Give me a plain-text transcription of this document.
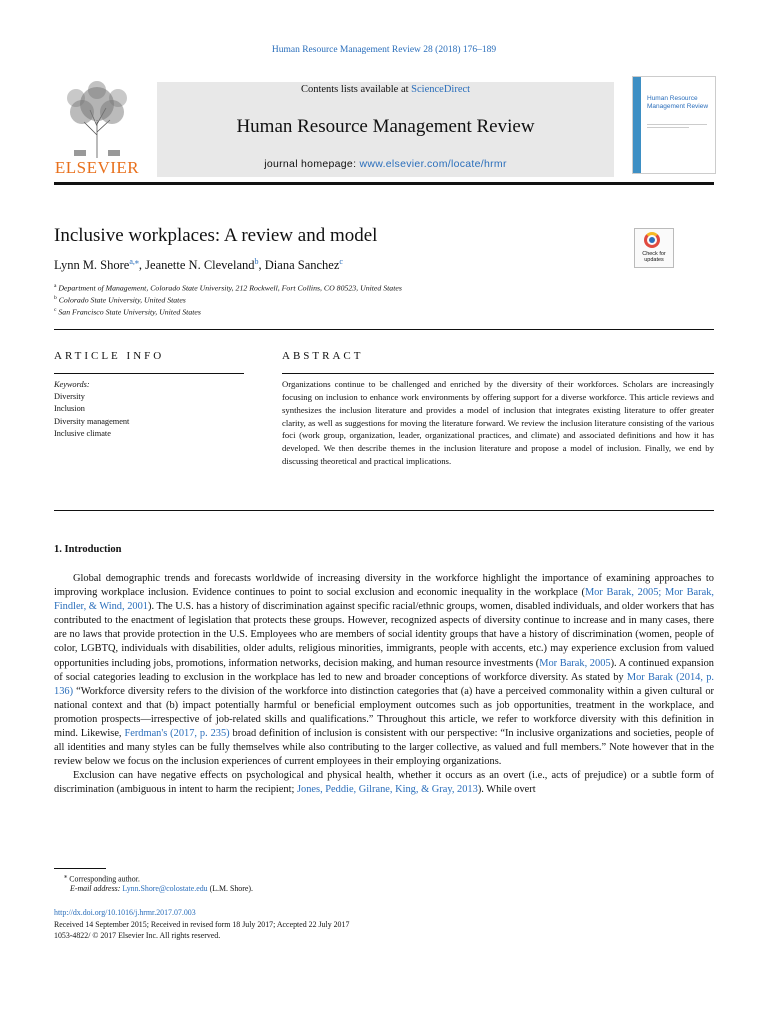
Human Resource Management Review 28 (2018) 176–189
ELSEVIER
Contents lists available at ScienceDirect
Human Resource Management Review
journal homepage: www.elsevier.com/locate/hrmr
Human Resource Management Review
Inclusive workplaces: A review and model
Lynn M. Shore$^{a,⁎}$, Jeanette N. Cleveland$^b$, Diana Sanchez$^c$
Check for updates
$^a$ Department of Management, Colorado State University, 212 Rockwell, Fort Collins, CO 80523, United States
$^b$ Colorado State University, United States
$^c$ San Francisco State University, United States
ARTICLE INFO
Keywords:
Diversity
Inclusion
Diversity management
Inclusive climate
ABSTRACT
Organizations continue to be challenged and enriched by the diversity of their workforces. Scholars are increasingly focusing on inclusion to enhance work environments by offering support for a diverse workforce. This article reviews and synthesizes the inclusion literature and provides a model of inclusion that integrates existing literature to offer greater clarity, as well as suggestions for moving the literature forward. We review the inclusion literature consisting of the various foci (work group, organization, leader, organizational practices, and climate) and associated definitions and how it has developed. We then describe themes in the inclusion literature and propose a model of inclusion. Finally, we end by discussing theoretical and practical implications.
1. Introduction

Global demographic trends and forecasts worldwide of increasing diversity in the workforce highlight the importance of examining approaches to improving workplace inclusion. Evidence continues to point to social exclusion and economic inequality in the workplace (Mor Barak, 2005; Mor Barak, Findler, & Wind, 2001). The U.S. has a history of discrimination against specific racial/ethnic groups, women, disabled individuals, and older workers that has contributed to the enactment of legislation that protects these groups. However, recognized aspects of diversity continue to increase and in many cases, there are no laws that provide protection in the U.S. Employees who are members of social identity groups that have a history of discrimination (women, people of color, LGBTQ, individuals with disabilities, older adults, religious minorities, immigrants, people with accents, etc.) may experience exclusion from valued opportunities including jobs, promotions, information networks, decision making, and human resource investments (Mor Barak, 2005). A continued expansion of social categories leading to exclusion in the workplace has led to new and broader conceptions of workforce diversity. As stated by Mor Barak (2014, p. 136) “Workforce diversity refers to the division of the workforce into distinction categories that (a) have a perceived commonality within a given cultural or national context and that (b) impact potentially harmful or beneficial employment outcomes such as job opportunities, treatment in the workplace, and promotion prospects—irrespective of job-related skills and qualifications.” Throughout this article, we refer to workforce diversity with this definition in mind. Likewise, Ferdman's (2017, p. 235) broad definition of inclusion is consistent with our perspective: “In inclusive organizations and societies, people of all identities and many styles can be fully themselves while also contributing to the larger collective, as valued and full members.” Note however that in the review below we focus on the inclusion experiences of current employees in their employing organizations.

Exclusion can have negative effects on psychological and physical health, whether it occurs as an overt (i.e., acts of prejudice) or a subtle form of discrimination (ambiguous in intent to harm the recipient; Jones, Peddie, Gilrane, King, & Gray, 2013). While overt

⁎ Corresponding author.
E-mail address: Lynn.Shore@colostate.edu (L.M. Shore).
http://dx.doi.org/10.1016/j.hrmr.2017.07.003
Received 14 September 2015; Received in revised form 18 July 2017; Accepted 22 July 2017
1053-4822/ © 2017 Elsevier Inc. All rights reserved.
